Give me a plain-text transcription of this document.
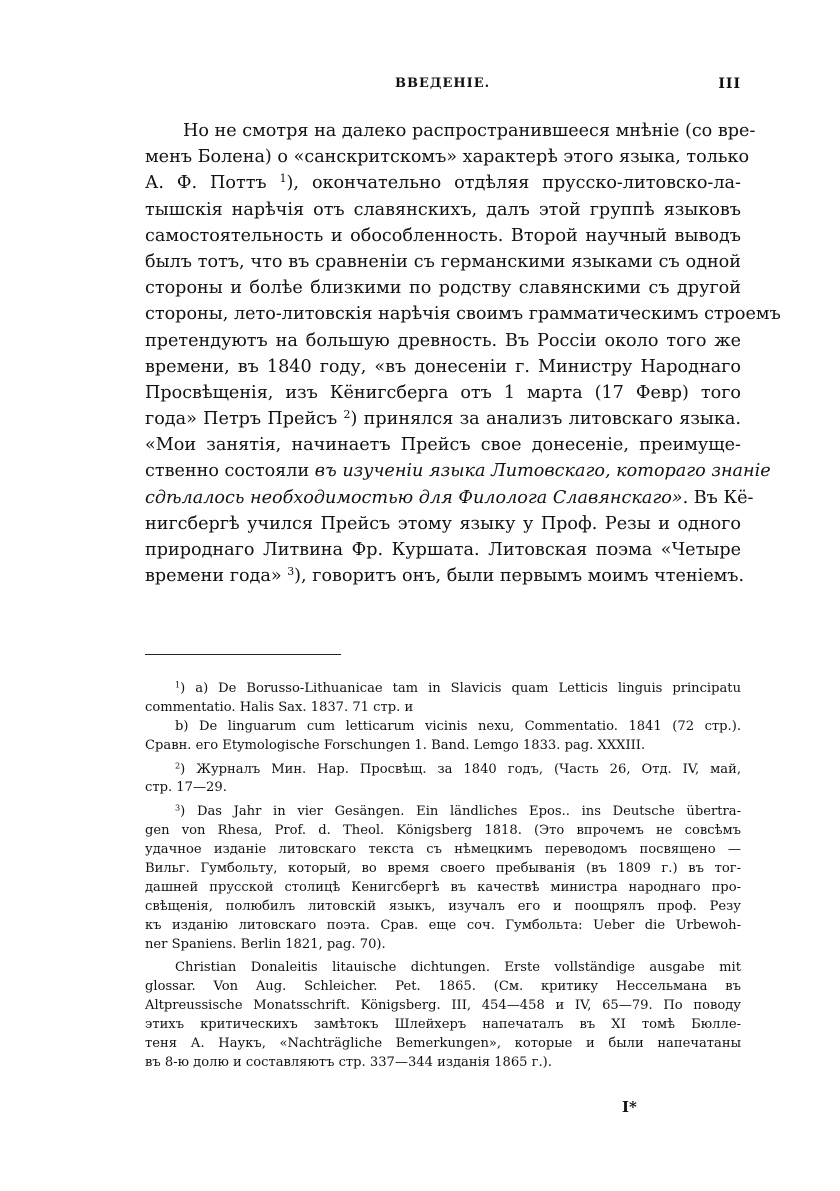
ВВЕДЕНІЕ.	III
Но не смотря на далеко распространившееся мнѣніе (со вре-
менъ Болена) о «санскритскомъ» характерѣ этого языка, только
А. Ф. Поттъ $^1$), окончательно отдѣляя прусско-литовско-ла-
тышскія нарѣчія отъ славянскихъ, далъ этой группѣ языковъ
самостоятельность и обособленность. Второй научный выводъ
былъ тотъ, что въ сравненіи съ германскими языками съ одной
стороны и болѣе близкими по родству славянскими съ другой
стороны, лето-литовскія нарѣчія своимъ грамматическимъ строемъ
претендуютъ на большую древность. Въ Россіи около того же
времени, въ 1840 году, «въ донесеніи г. Министру Народнаго
Просвѣщенія, изъ Кёнигсберга отъ 1 марта (17 Февр) того
года» Петръ Прейсъ $^2$) принялся за анализъ литовскаго языка.
«Мои занятія, начинаетъ Прейсъ свое донесеніе, преимуще-
ственно состояли въ изученіи языка Литовскаго, котораго знаніе
сдѣлалось необходимостью для Филолога Славянскаго». Въ Кё-
нигсбергѣ учился Прейсъ этому языку у Проф. Резы и одного
природнаго Литвина Фр. Куршата. Литовская поэма «Четыре
времени года» $^3$), говоритъ онъ, были первымъ моимъ чтеніемъ.
$^1$) a) De Borusso-Lithuanicae tam in Slavicis quam Letticis linguis principatu
commentatio. Halis Sax. 1837. 71 стр. и
b) De linguarum cum letticarum vicinis nexu, Commentatio. 1841 (72 стр.).
Сравн. его Etymologische Forschungen 1. Band. Lemgo 1833. pag. XXXIII.
$^2$) Журналъ Мин. Нар. Просвѣщ. за 1840 годъ, (Часть 26, Отд. IV, май,
стр. 17—29.
$^3$) Das Jahr in vier Gesängen. Ein ländliches Epos.. ins Deutsche übertra-
gen von Rhesa, Prof. d. Theol. Königsberg 1818. (Это впрочемъ не совсѣмъ
удачное изданіе литовскаго текста съ нѣмецкимъ переводомъ посвящено —
Вильг. Гумбольту, который, во время своего пребыванія (въ 1809 г.) въ тог-
дашней прусской столицѣ Кенигсбергѣ въ качествѣ министра народнаго про-
свѣщенія, полюбилъ литовскій языкъ, изучалъ его и поощрялъ проф. Резу
къ изданію литовскаго поэта. Срав. еще соч. Гумбольта: Ueber die Urbewoh-
ner Spaniens. Berlin 1821, pag. 70).
Christian Donaleitis litauische dichtungen. Erste vollständige ausgabe mit
glossar. Von Aug. Schleicher. Pet. 1865. (См. критику Нессельмана въ
Altpreussische Monatsschrift. Königsberg. III, 454—458 и IV, 65—79. По поводу
этихъ критическихъ замѣтокъ Шлейхеръ напечаталъ въ XI томѣ Бюлле-
теня А. Наукъ, «Nachträgliche Bemerkungen», которые и были напечатаны
въ 8-ю долю и составляютъ стр. 337—344 изданія 1865 г.).
I*
